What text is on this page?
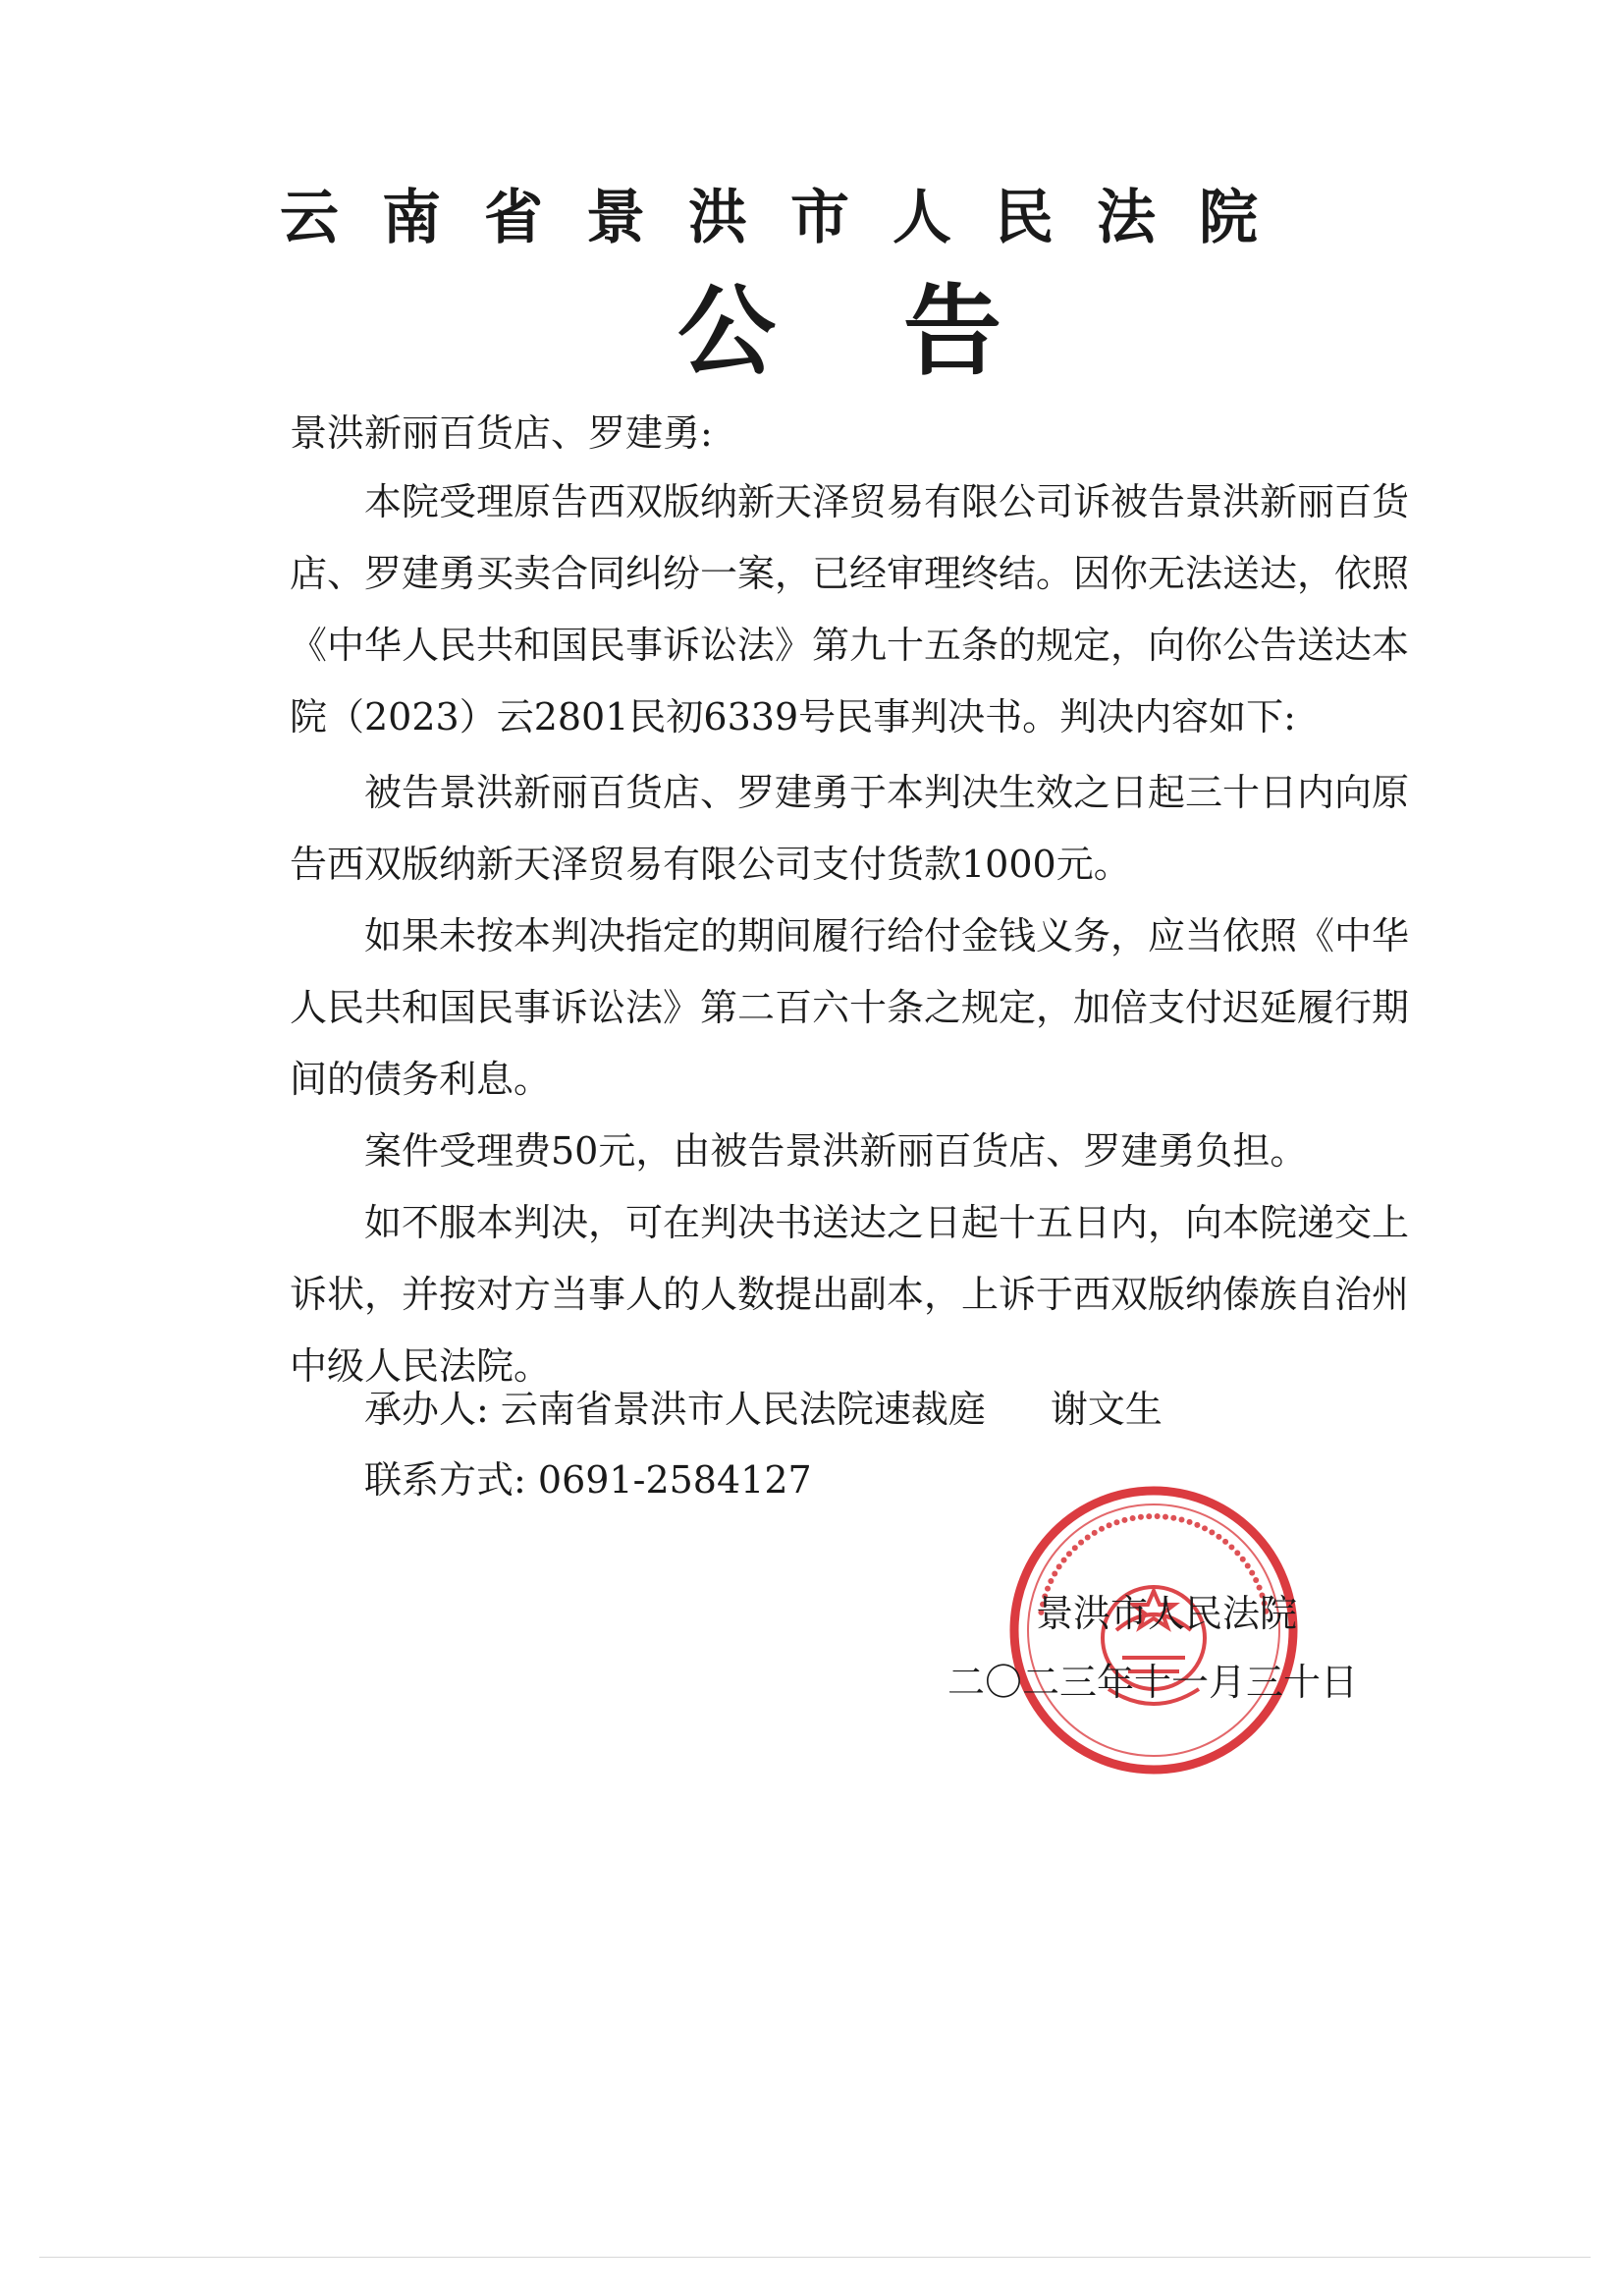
云南省景洪市人民法院
公告
景洪新丽百货店、罗建勇:

本院受理原告西双版纳新天泽贸易有限公司诉被告景洪新丽百货店、罗建勇买卖合同纠纷一案，已经审理终结。因你无法送达，依照《中华人民共和国民事诉讼法》第九十五条的规定，向你公告送达本院（2023）云2801民初6339号民事判决书。判决内容如下:

被告景洪新丽百货店、罗建勇于本判决生效之日起三十日内向原告西双版纳新天泽贸易有限公司支付货款1000元。

如果未按本判决指定的期间履行给付金钱义务，应当依照《中华人民共和国民事诉讼法》第二百六十条之规定，加倍支付迟延履行期间的债务利息。

案件受理费50元，由被告景洪新丽百货店、罗建勇负担。

如不服本判决，可在判决书送达之日起十五日内，向本院递交上诉状，并按对方当事人的人数提出副本，上诉于西双版纳傣族自治州中级人民法院。

承办人: 云南省景洪市人民法院速裁庭 谢文生
联系方式: 0691-2584127
景洪市人民法院
二〇二三年十一月三十日
